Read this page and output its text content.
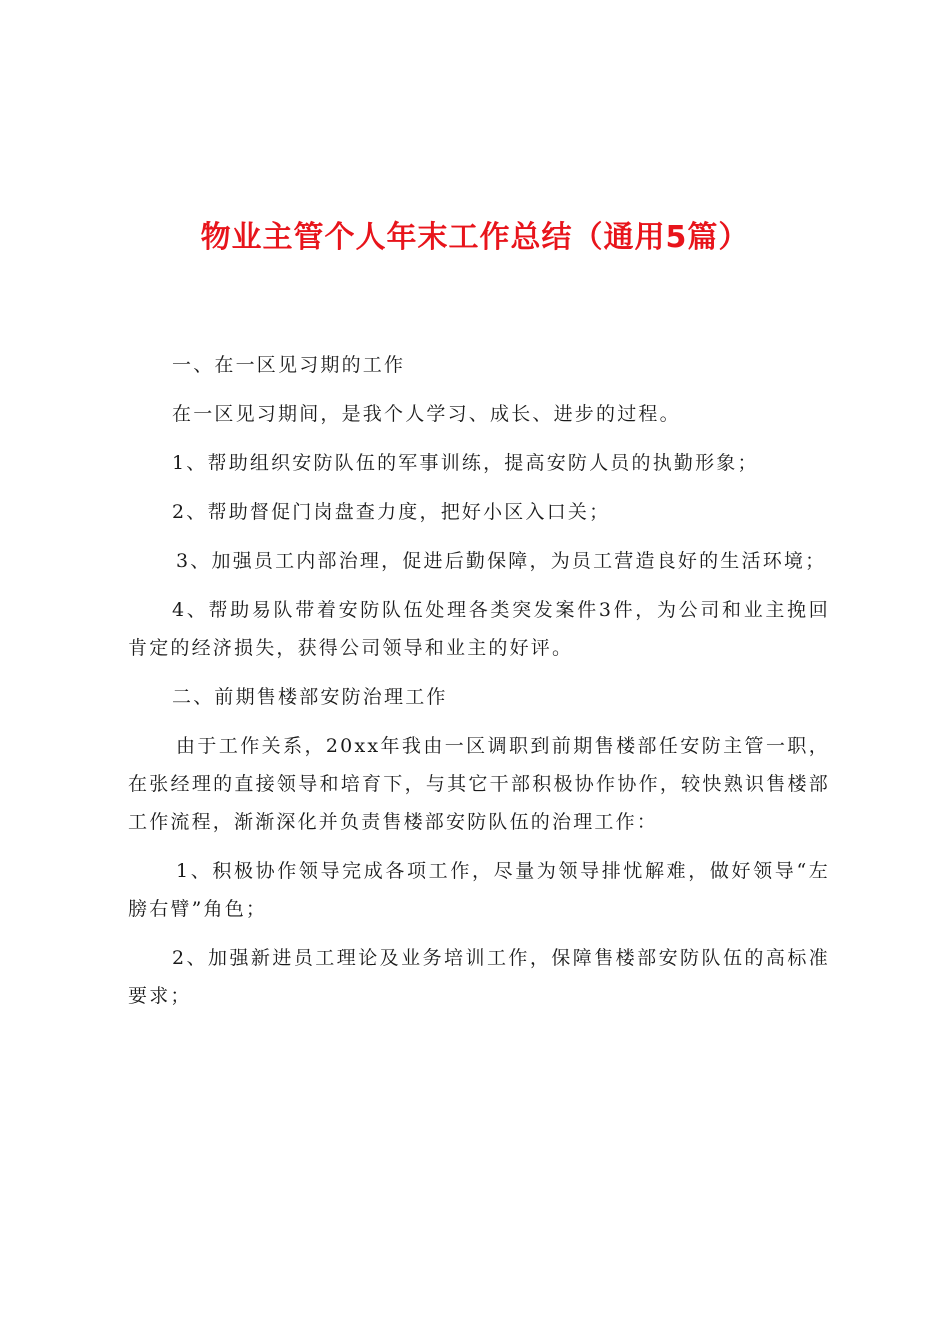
物业主管个人年末工作总结（通用5篇）

一、在一区见习期的工作

在一区见习期间，是我个人学习、成长、进步的过程。

1、帮助组织安防队伍的军事训练，提高安防人员的执勤形象；

2、帮助督促门岗盘查力度，把好小区入口关；

3、加强员工内部治理，促进后勤保障，为员工营造良好的生活环境；

4、帮助易队带着安防队伍处理各类突发案件3件，为公司和业主挽回肯定的经济损失，获得公司领导和业主的好评。

二、前期售楼部安防治理工作

由于工作关系，20xx年我由一区调职到前期售楼部任安防主管一职，在张经理的直接领导和培育下，与其它干部积极协作协作，较快熟识售楼部工作流程，渐渐深化并负责售楼部安防队伍的治理工作：

1、积极协作领导完成各项工作，尽量为领导排忧解难，做好领导“左膀右臂”角色；

2、加强新进员工理论及业务培训工作，保障售楼部安防队伍的高标准要求；
